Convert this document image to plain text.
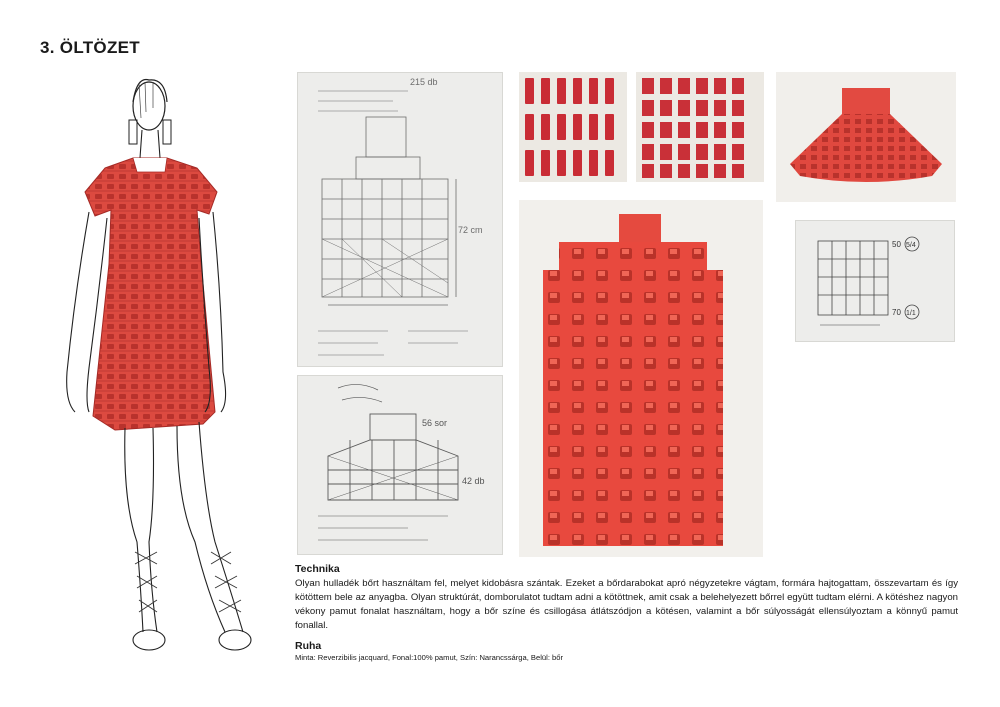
3. ÖLTÖZET
215 db
72 cm
56 sor
42 db
50 5/4
70 1/1

Technika

Olyan hulladék bőrt használtam fel, melyet kidobásra szántak. Ezeket a bőrdarabokat apró négyzetekre vágtam, formára hajtogattam, összevartam és így kötöttem bele az anyagba. Olyan struktúrát, domborulatot tudtam adni a kötöttnek, amit csak a belehelyezett bőrrel együtt tudtam elérni. A kötéshez nagyon vékony pamut fonalat használtam, hogy a bőr színe és csillogása átlátszódjon a kötésen, valamint a bőr súlyosságát ellensúlyoztam a könnyű pamut fonallal.

Ruha

Minta: Reverzibilis jacquard, Fonal:100% pamut, Szín: Narancssárga, Belül: bőr
